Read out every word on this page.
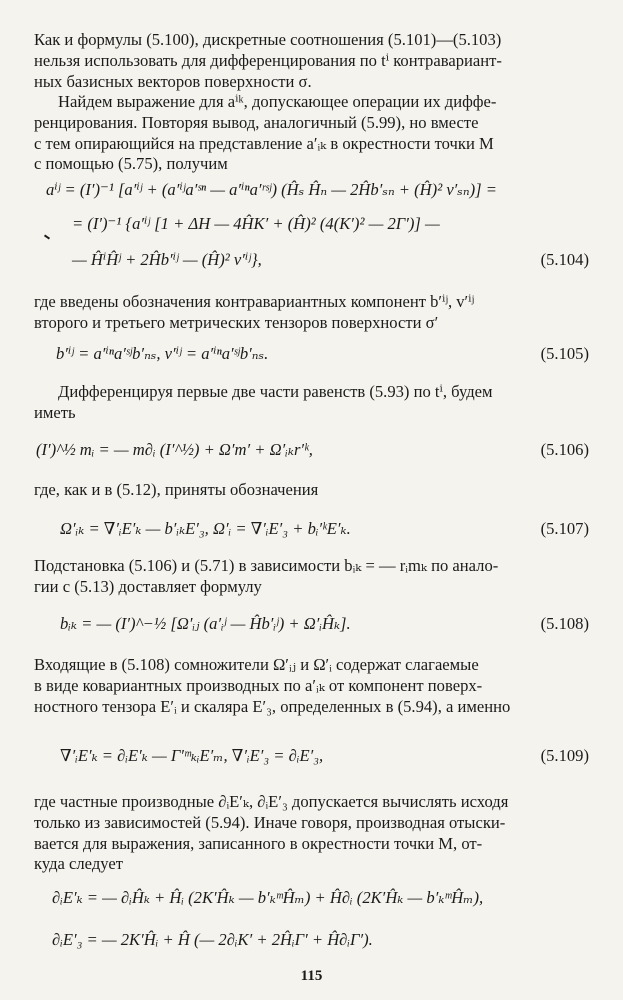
Как и формулы (5.100), дискретные соотношения (5.101)—(5.103)
нельзя использовать для дифференцирования по tⁱ контравариант-
ных базисных векторов поверхности σ.
Найдем выражение для aⁱᵏ, допускающее операции их диффе-
ренцирования. Повторяя вывод, аналогичный (5.99), но вместе
с тем опирающийся на представление a′ᵢₖ в окрестности точки M
с помощью (5.75), получим
aⁱʲ = (I′)⁻¹ [a′ⁱʲ + (a′ⁱʲa′ˢⁿ — a′ⁱⁿa′ʳˢʲ) (Ĥₛ Ĥₙ — 2Ĥb′ₛₙ + (Ĥ)² v′ₛₙ)] =
= (I′)⁻¹ {a′ⁱʲ [1 + ΔH — 4ĤK′ + (Ĥ)² (4(K′)² — 2Γ′)] —
— ĤⁱĤʲ + 2Ĥb′ⁱʲ — (Ĥ)² v′ⁱʲ},	(5.104)
где введены обозначения контравариантных компонент b′ⁱʲ, v′ⁱʲ
второго и третьего метрических тензоров поверхности σ′
b′ⁱʲ = a′ⁱⁿa′ˢʲb′ₙₛ, v′ⁱʲ = a′ⁱⁿa′ˢʲb′ₙₛ.	(5.105)
Дифференцируя первые две части равенств (5.93) по tⁱ, будем
иметь
(I′)^½ mᵢ = — m∂ᵢ (I′^½) + Ω′m′ + Ω′ᵢₖr′ᵏ,	(5.106)
где, как и в (5.12), приняты обозначения
Ω′ᵢₖ = ∇′ᵢE′ₖ — b′ᵢₖE′₃, Ω′ᵢ = ∇′ᵢE′₃ + bᵢ′ᵏE′ₖ.	(5.107)
Подстановка (5.106) и (5.71) в зависимости bᵢₖ = — rᵢmₖ по анало-
гии с (5.13) доставляет формулу
bᵢₖ = — (I′)^−½ [Ω′ᵢⱼ (a′ᵢʲ — Ĥb′ᵢʲ) + Ω′ᵢĤₖ].	(5.108)
Входящие в (5.108) сомножители Ω′ᵢⱼ и Ω′ᵢ содержат слагаемые
в виде ковариантных производных по a′ᵢₖ от компонент поверх-
ностного тензора E′ᵢ и скаляра E′₃, определенных в (5.94), а именно
∇′ᵢE′ₖ = ∂ᵢE′ₖ — Γ′ᵐₖᵢE′ₘ, ∇′ᵢE′₃ = ∂ᵢE′₃,	(5.109)
где частные производные ∂ᵢE′ₖ, ∂ᵢE′₃ допускается вычислять исходя
только из зависимостей (5.94). Иначе говоря, производная отыски-
вается для выражения, записанного в окрестности точки M, от-
куда следует
∂ᵢE′ₖ = — ∂ᵢĤₖ + Ĥᵢ (2K′Ĥₖ — b′ₖᵐĤₘ) + Ĥ∂ᵢ (2K′Ĥₖ — b′ₖᵐĤₘ),
∂ᵢE′₃ = — 2K′Ĥᵢ + Ĥ (— 2∂ᵢK′ + 2ĤᵢΓ′ + Ĥ∂ᵢΓ′).
115
